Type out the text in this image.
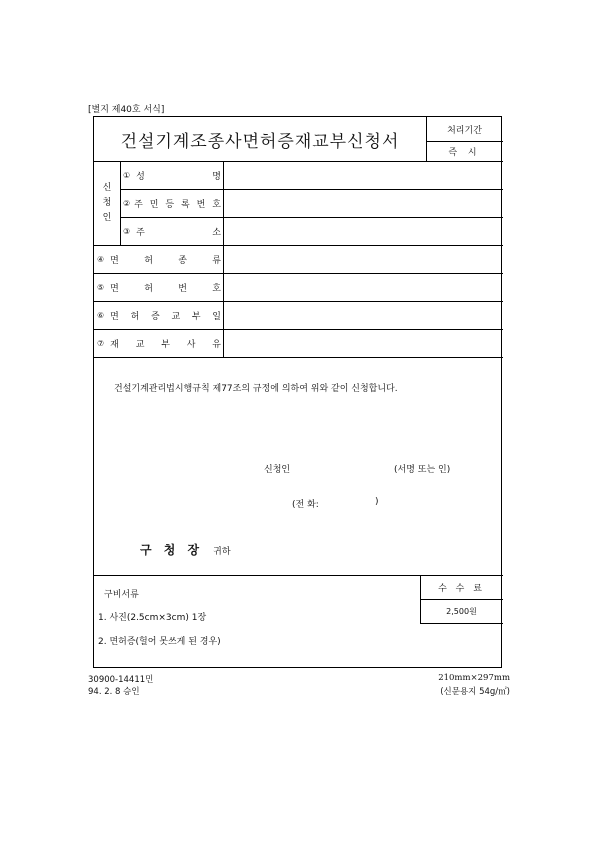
[별지 제40호 서식]
건설기계조종사면허증재교부신청서
처리기간
즉 시
신
청
인
① 성	명
② 주 민 등 록 번 호
③ 주	소
④ 면	허	종	류
⑤ 면	허	번	호
⑥ 면 허 증 교 부 일
⑦ 재 교 부 사 유
건설기계관리법시행규칙 제77조의 규정에 의하여 위와 같이 신청합니다.
신청인	(서명 또는 인)
(전 화:	)
구 청 장 귀하
수 수 료
2,500원
구비서류
1. 사진(2.5cm×3cm) 1장
2. 면허증(헐어 못쓰게 된 경우)
30900-14411민
94. 2. 8 승인
210mm×297mm
(신문용지 54g/㎡)
